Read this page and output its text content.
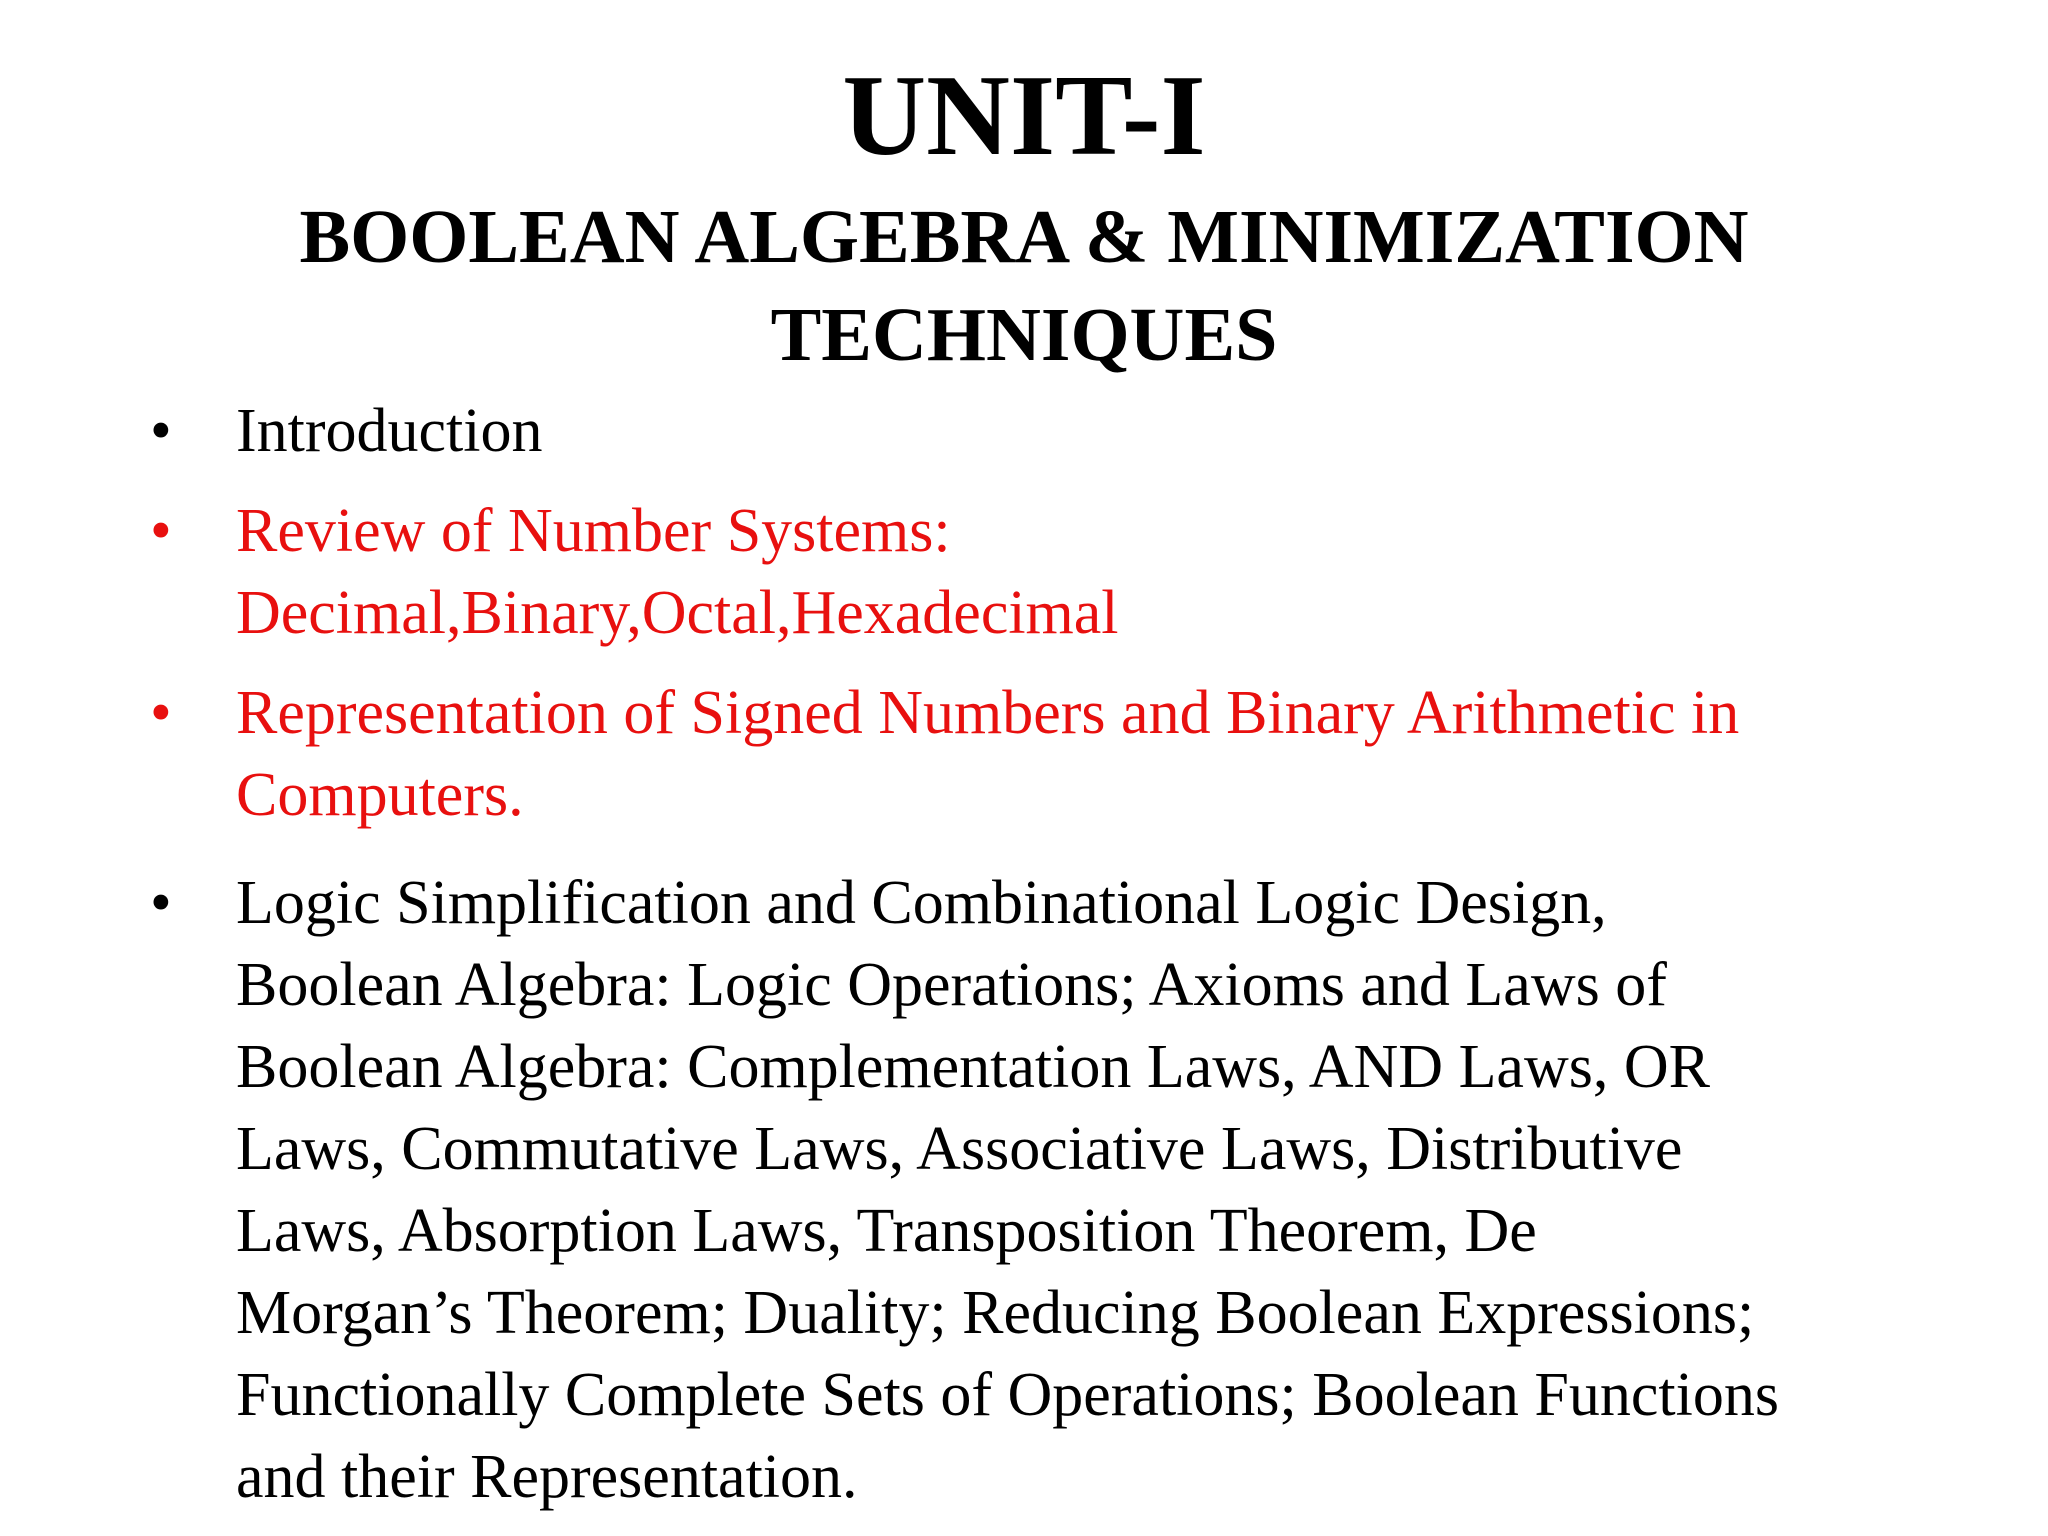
UNIT-I
BOOLEAN ALGEBRA & MINIMIZATION
TECHNIQUES
• Introduction
• Review of Number Systems:
Decimal,Binary,Octal,Hexadecimal
• Representation of Signed Numbers and Binary Arithmetic in
Computers.
• Logic Simplification and Combinational Logic Design,
Boolean Algebra: Logic Operations; Axioms and Laws of
Boolean Algebra: Complementation Laws, AND Laws, OR
Laws, Commutative Laws, Associative Laws, Distributive
Laws, Absorption Laws, Transposition Theorem, De
Morgan’s Theorem; Duality; Reducing Boolean Expressions;
Functionally Complete Sets of Operations; Boolean Functions
and their Representation.
